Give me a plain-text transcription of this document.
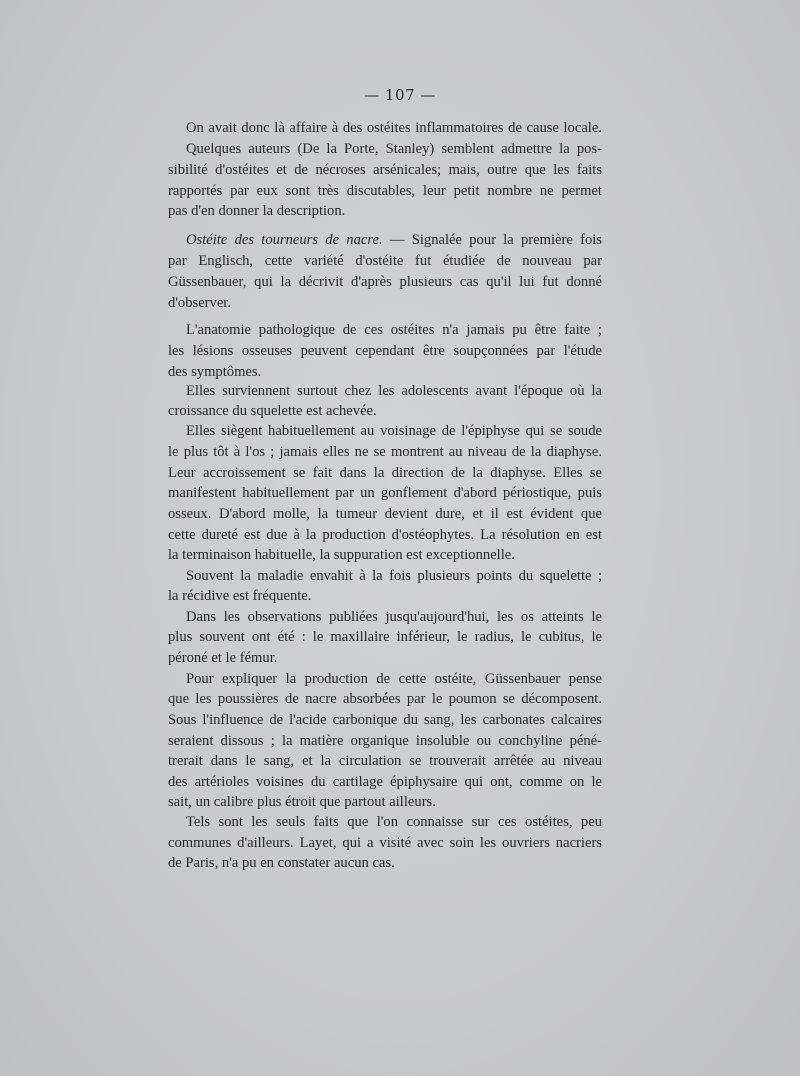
— 107 —
On avait donc là affaire à des ostéites inflammatoires de cause locale.
Quelques auteurs (De la Porte, Stanley) semblent admettre la pos-
sibilité d'ostéites et de nécroses arsénicales; mais, outre que les faits
rapportés par eux sont très discutables, leur petit nombre ne permet
pas d'en donner la description.
Ostéite des tourneurs de nacre. — Signalée pour la première fois
par Englisch, cette variété d'ostéite fut étudiée de nouveau par
Güssenbauer, qui la décrivit d'après plusieurs cas qu'il lui fut donné
d'observer.
L'anatomie pathologique de ces ostéites n'a jamais pu être faite ;
les lésions osseuses peuvent cependant être soupçonnées par l'étude
des symptômes.
Elles surviennent surtout chez les adolescents avant l'époque où la
croissance du squelette est achevée.
Elles siègent habituellement au voisinage de l'épiphyse qui se soude
le plus tôt à l'os ; jamais elles ne se montrent au niveau de la diaphyse.
Leur accroissement se fait dans la direction de la diaphyse. Elles se
manifestent habituellement par un gonflement d'abord périostique, puis
osseux. D'abord molle, la tumeur devient dure, et il est évident que
cette dureté est due à la production d'ostéophytes. La résolution en est
la terminaison habituelle, la suppuration est exceptionnelle.
Souvent la maladie envahit à la fois plusieurs points du squelette ;
la récidive est fréquente.
Dans les observations publiées jusqu'aujourd'hui, les os atteints le
plus souvent ont été : le maxillaire inférieur, le radius, le cubitus, le
péroné et le fémur.
Pour expliquer la production de cette ostéite, Güssenbauer pense
que les poussières de nacre absorbées par le poumon se décomposent.
Sous l'influence de l'acide carbonique du sang, les carbonates calcaires
seraient dissous ; la matière organique insoluble ou conchyline péné-
trerait dans le sang, et la circulation se trouverait arrêtée au niveau
des artérioles voisines du cartilage épiphysaire qui ont, comme on le
sait, un calibre plus étroit que partout ailleurs.
Tels sont les seuls faits que l'on connaisse sur ces ostéites, peu
communes d'ailleurs. Layet, qui a visité avec soin les ouvriers nacriers
de Paris, n'a pu en constater aucun cas.
